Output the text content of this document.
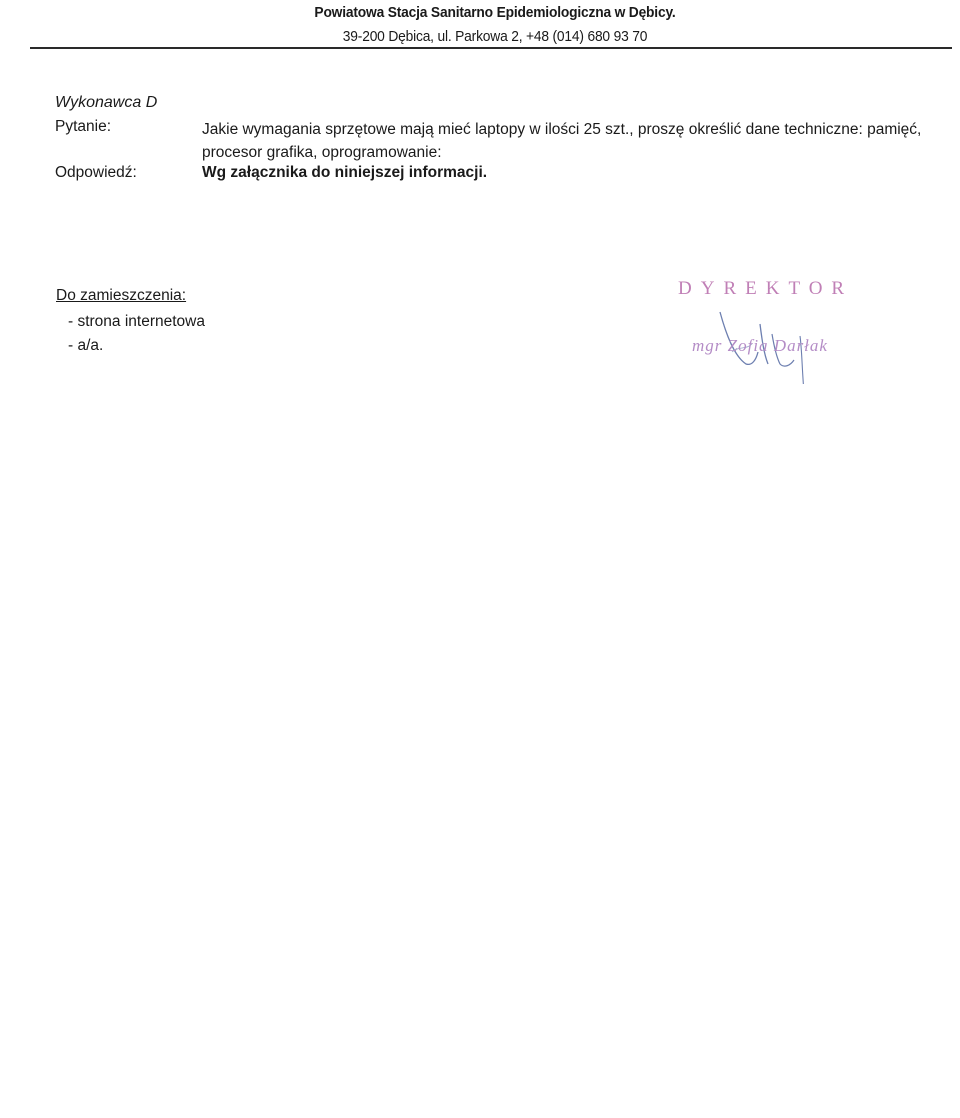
Powiatowa Stacja Sanitarno Epidemiologiczna w Dębicy.
39-200 Dębica, ul. Parkowa 2, +48 (014) 680 93 70
Wykonawca D
Pytanie:	Jakie wymagania sprzętowe mają mieć laptopy w ilości 25 szt., proszę określić dane techniczne: pamięć, procesor grafika, oprogramowanie:
Odpowiedź:	Wg załącznika do niniejszej informacji.
Do zamieszczenia:
- strona internetowa
- a/a.
DYREKTOR
mgr Zofia Darłak
